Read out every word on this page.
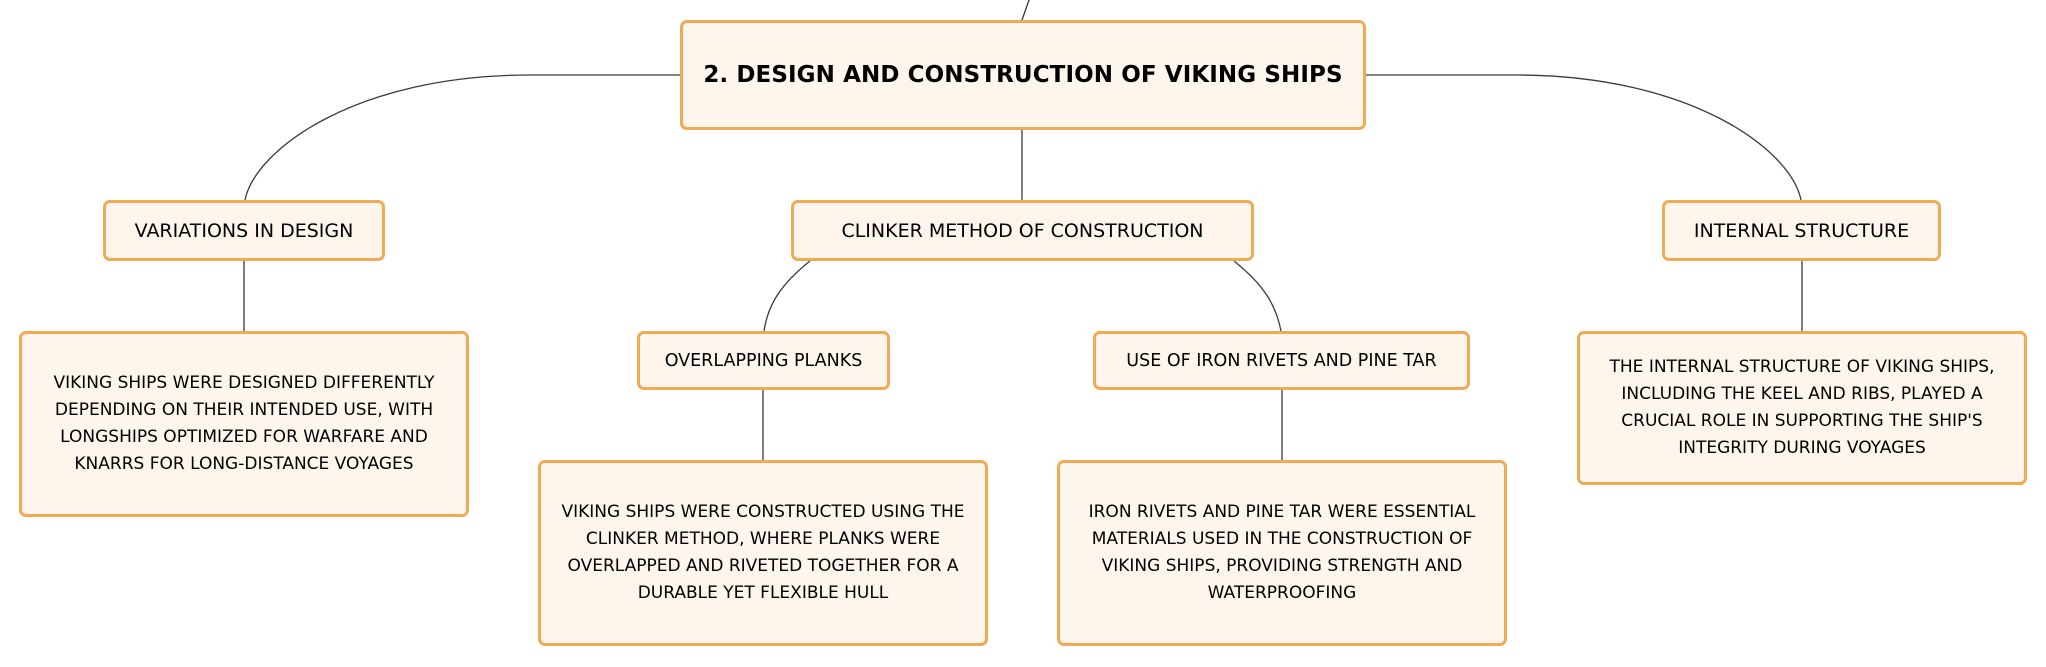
2. DESIGN AND CONSTRUCTION OF VIKING SHIPS
VARIATIONS IN DESIGN	CLINKER METHOD OF CONSTRUCTION	INTERNAL STRUCTURE
VIKING SHIPS WERE DESIGNED DIFFERENTLY DEPENDING ON THEIR INTENDED USE, WITH LONGSHIPS OPTIMIZED FOR WARFARE AND KNARRS FOR LONG-DISTANCE VOYAGES
OVERLAPPING PLANKS	USE OF IRON RIVETS AND PINE TAR
VIKING SHIPS WERE CONSTRUCTED USING THE CLINKER METHOD, WHERE PLANKS WERE OVERLAPPED AND RIVETED TOGETHER FOR A DURABLE YET FLEXIBLE HULL
IRON RIVETS AND PINE TAR WERE ESSENTIAL MATERIALS USED IN THE CONSTRUCTION OF VIKING SHIPS, PROVIDING STRENGTH AND WATERPROOFING
THE INTERNAL STRUCTURE OF VIKING SHIPS, INCLUDING THE KEEL AND RIBS, PLAYED A CRUCIAL ROLE IN SUPPORTING THE SHIP'S INTEGRITY DURING VOYAGES
